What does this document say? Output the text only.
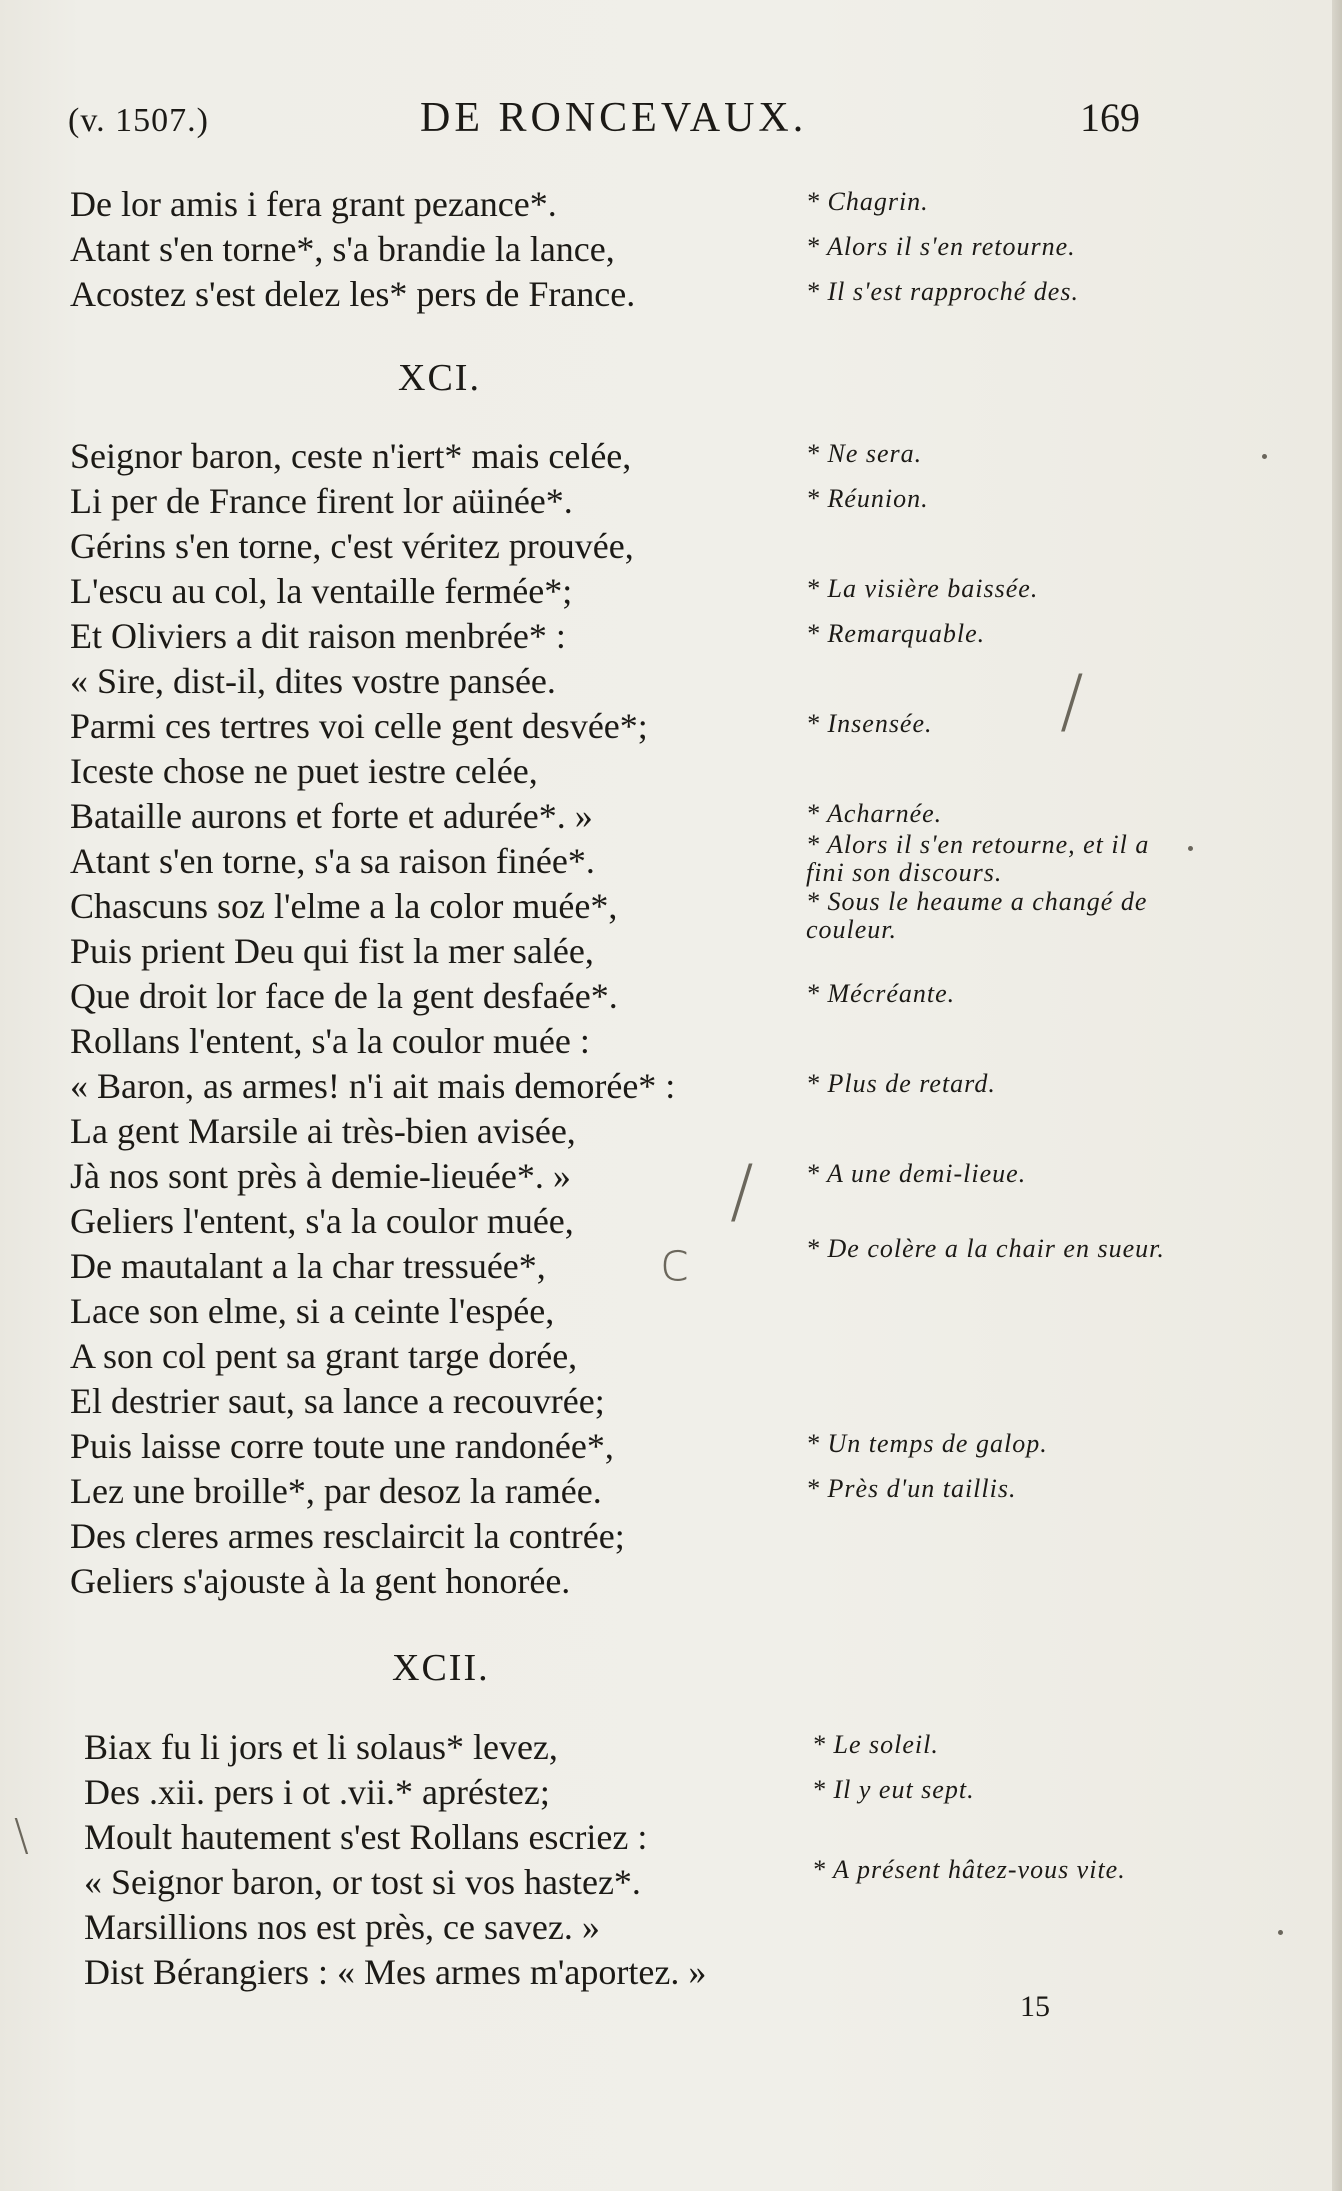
(v. 1507.)	DE RONCEVAUX.	169
De lor amis i fera grant pezance*.	* Chagrin.
Atant s'en torne*, s'a brandie la lance,	* Alors il s'en retourne.
Acostez s'est delez les* pers de France.	* Il s'est rapproché des.
XCI.
Seignor baron, ceste n'iert* mais celée,
Li per de France firent lor aüinée*.
Gérins s'en torne, c'est véritez prouvée,
L'escu au col, la ventaille fermée*;
Et Oliviers a dit raison menbrée* :
« Sire, dist-il, dites vostre pansée.
Parmi ces tertres voi celle gent desvée*;
Iceste chose ne puet iestre celée,
Bataille aurons et forte et adurée*. »
Atant s'en torne, s'a sa raison finée*.
Chascuns soz l'elme a la color muée*,
Puis prient Deu qui fist la mer salée,
Que droit lor face de la gent desfaée*.
Rollans l'entent, s'a la coulor muée :
« Baron, as armes! n'i ait mais demorée* :
La gent Marsile ai très-bien avisée,
Jà nos sont près à demie-lieuée*. »
Geliers l'entent, s'a la coulor muée,
De mautalant a la char tressuée*,
Lace son elme, si a ceinte l'espée,
A son col pent sa grant targe dorée,
El destrier saut, sa lance a recouvrée;
Puis laisse corre toute une randonée*,
Lez une broille*, par desoz la ramée.
Des cleres armes resclaircit la contrée;
Geliers s'ajouste à la gent honorée.
* Ne sera.
* Réunion.
* La visière baissée.
* Remarquable.
* Insensée.
* Acharnée.
* Alors il s'en retourne, et il a fini son discours.
* Sous le heaume a changé de couleur.
* Mécréante.
* Plus de retard.
* A une demi-lieue.
* De colère a la chair en sueur.
* Un temps de galop.
* Près d'un taillis.
XCII.
Biax fu li jors et li solaus* levez,
Des .xii. pers i ot .vii.* apréstez;
Moult hautement s'est Rollans escriez :
« Seignor baron, or tost si vos hastez*.
Marsillions nos est près, ce savez. »
Dist Bérangiers : « Mes armes m'aportez. »
* Le soleil.
* Il y eut sept.
* A présent hâtez-vous vite.
15
/
/
c
\
